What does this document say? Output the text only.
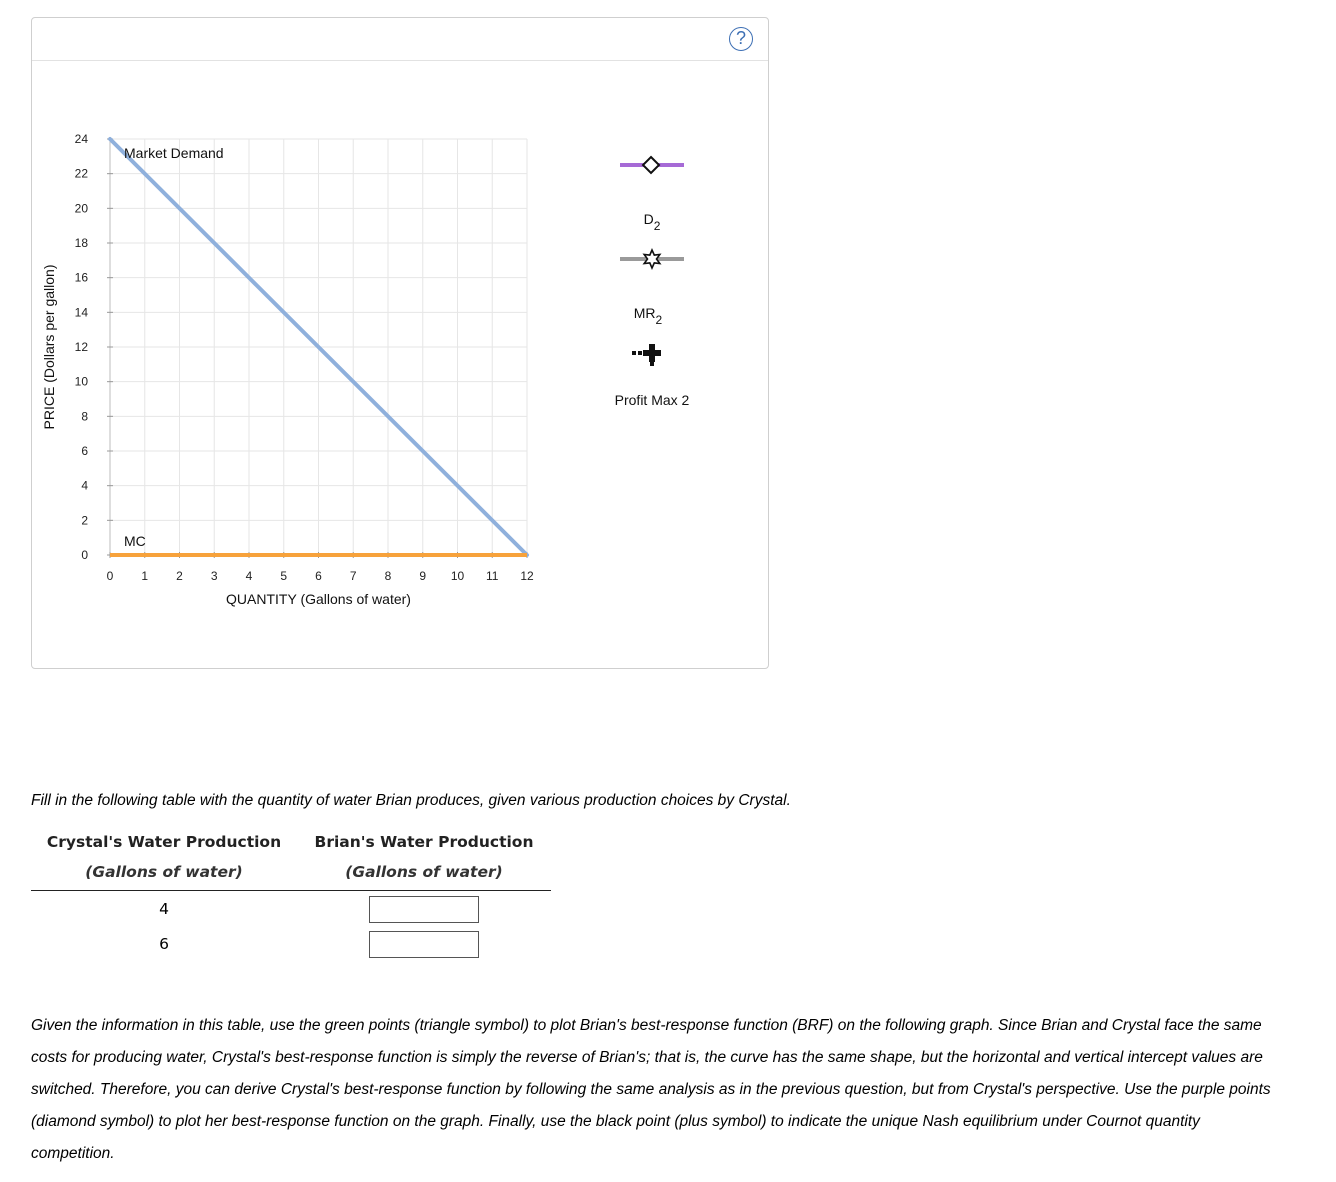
?
0 1 2 3 4 5 6 7 8 9 10 11 12
0
2
4
6
8
10
12
14
16
18
20
22
24
QUANTITY (Gallons of water)
PRICE (Dollars per gallon)
Market Demand
MC
D2
MR2
Profit Max 2

Fill in the following table with the quantity of water Brian produces, given various production choices by Crystal.

Crystal's Water Production	Brian's Water Production
(Gallons of water)	(Gallons of water)
4
6

Given the information in this table, use the green points (triangle symbol) to plot Brian's best-response function (BRF) on the following graph. Since Brian and Crystal face the same costs for producing water, Crystal's best-response function is simply the reverse of Brian's; that is, the curve has the same shape, but the horizontal and vertical intercept values are switched. Therefore, you can derive Crystal's best-response function by following the same analysis as in the previous question, but from Crystal's perspective. Use the purple points (diamond symbol) to plot her best-response function on the graph. Finally, use the black point (plus symbol) to indicate the unique Nash equilibrium under Cournot quantity competition.
